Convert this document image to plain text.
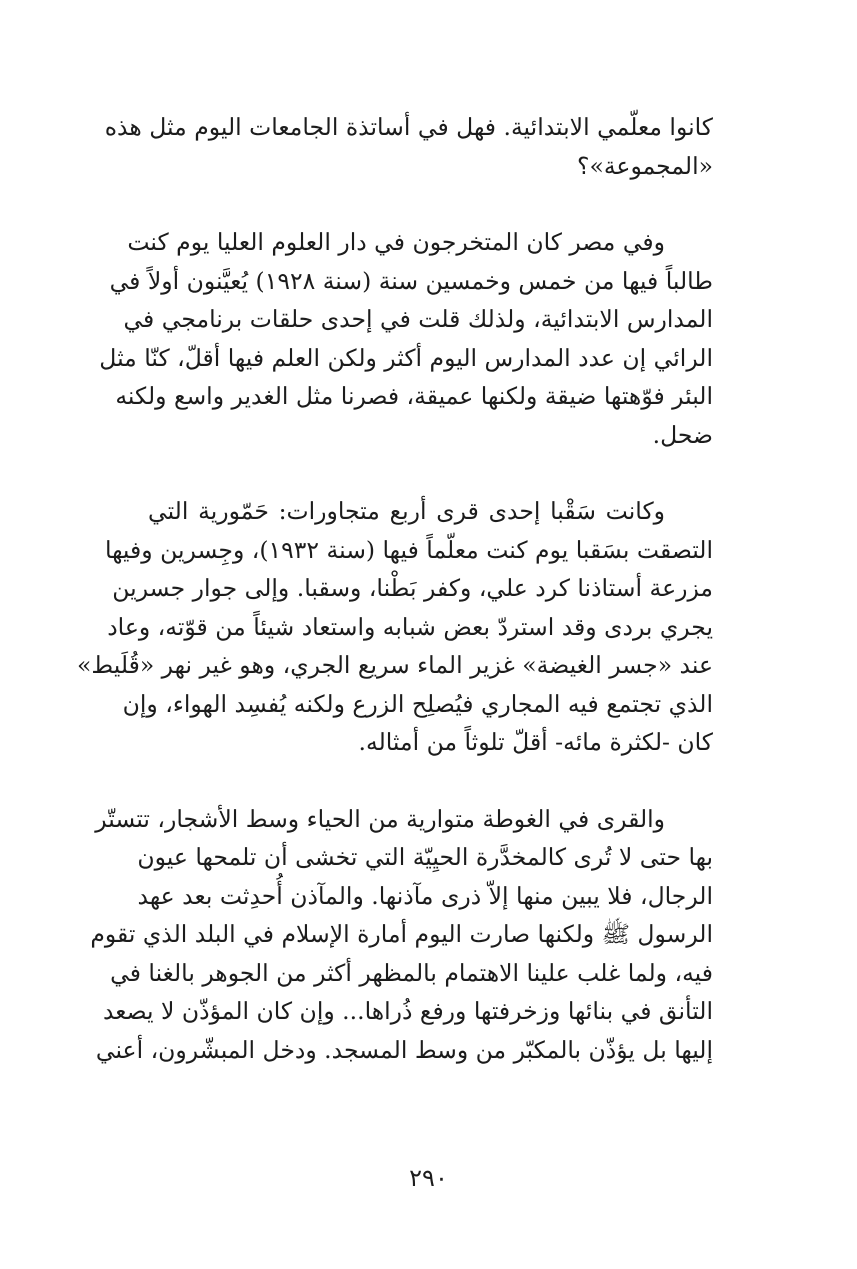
كانوا معلّمي الابتدائية. فهل في أساتذة الجامعات اليوم مثل هذه
«المجموعة»؟

وفي مصر كان المتخرجون في دار العلوم العليا يوم كنت
طالباً فيها من خمس وخمسين سنة (سنة ١٩٢٨) يُعيَّنون أولاً في
المدارس الابتدائية، ولذلك قلت في إحدى حلقات برنامجي في
الرائي إن عدد المدارس اليوم أكثر ولكن العلم فيها أقلّ، كنّا مثل
البئر فوّهتها ضيقة ولكنها عميقة، فصرنا مثل الغدير واسع ولكنه
ضحل.

وكانت سَقْبا إحدى قرى أربع متجاورات: حَمّورية التي
التصقت بسَقبا يوم كنت معلّماً فيها (سنة ١٩٣٢)، وجِسرين وفيها
مزرعة أستاذنا كرد علي، وكفر بَطْنا، وسقبا. وإلى جوار جسرين
يجري بردى وقد استردّ بعض شبابه واستعاد شيئاً من قوّته، وعاد
عند «جسر الغيضة» غزير الماء سريع الجري، وهو غير نهر «قُلَيط»
الذي تجتمع فيه المجاري فيُصلِح الزرع ولكنه يُفسِد الهواء، وإن
كان -لكثرة مائه- أقلّ تلوثاً من أمثاله.

والقرى في الغوطة متوارية من الحياء وسط الأشجار، تتستّر
بها حتى لا تُرى كالمخدَّرة الحيِيّة التي تخشى أن تلمحها عيون
الرجال، فلا يبين منها إلاّ ذرى مآذنها. والمآذن أُحدِثت بعد عهد
الرسول ﷺ ولكنها صارت اليوم أمارة الإسلام في البلد الذي تقوم
فيه، ولما غلب علينا الاهتمام بالمظهر أكثر من الجوهر بالغنا في
التأنق في بنائها وزخرفتها ورفع ذُراها... وإن كان المؤذّن لا يصعد
إليها بل يؤذّن بالمكبّر من وسط المسجد. ودخل المبشّرون، أعني

٢٩٠
